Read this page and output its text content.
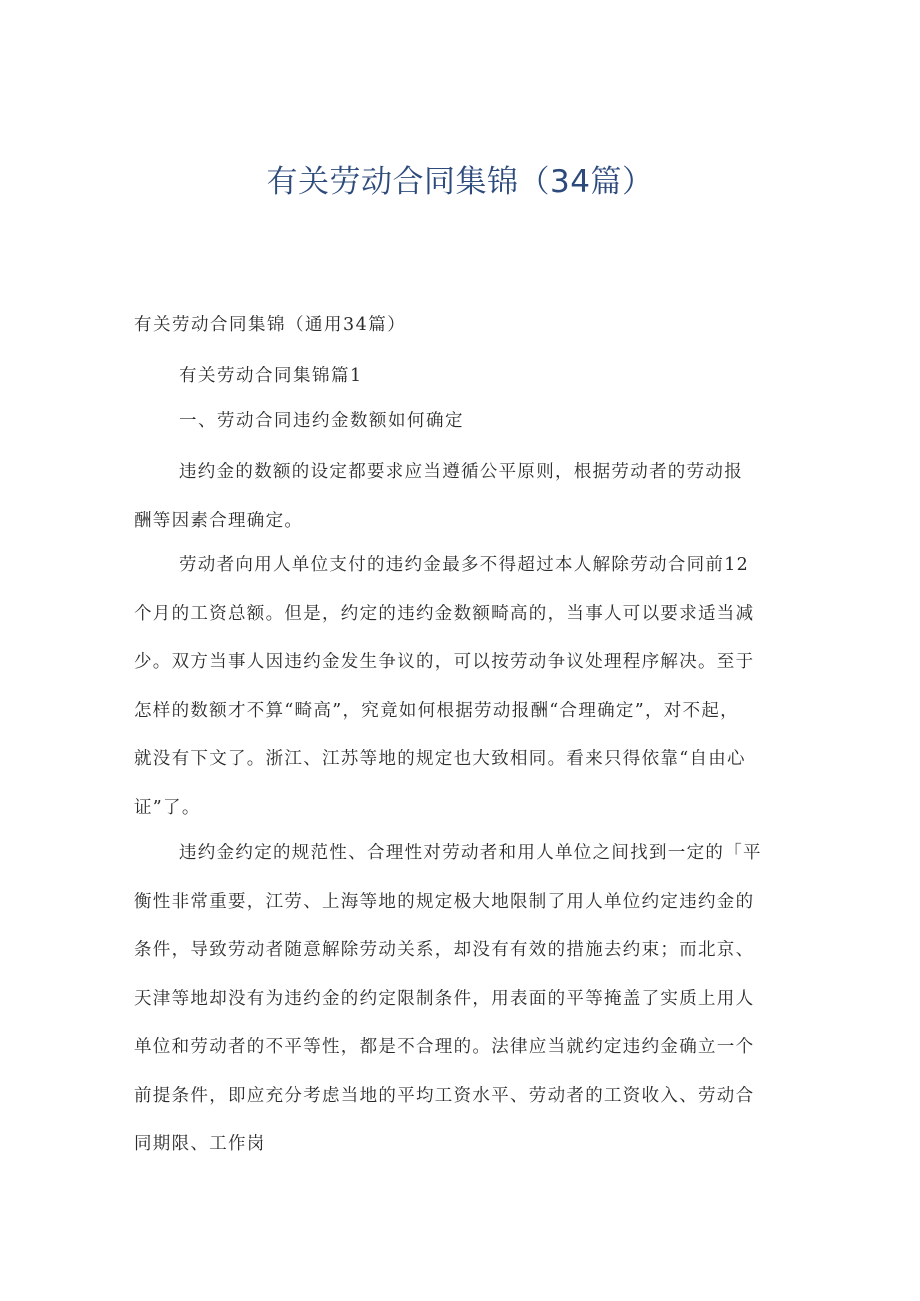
有关劳动合同集锦（34篇）

有关劳动合同集锦（通用34篇）

有关劳动合同集锦篇1

一、劳动合同违约金数额如何确定

违约金的数额的设定都要求应当遵循公平原则，根据劳动者的劳动报
酬等因素合理确定。
劳动者向用人单位支付的违约金最多不得超过本人解除劳动合同前12
个月的工资总额。但是，约定的违约金数额畸高的，当事人可以要求适当减
少。双方当事人因违约金发生争议的，可以按劳动争议处理程序解决。至于
怎样的数额才不算“畸高”，究竟如何根据劳动报酬“合理确定”，对不起，
就没有下文了。浙江、江苏等地的规定也大致相同。看来只得依靠“自由心
证”了。
违约金约定的规范性、合理性对劳动者和用人单位之间找到一定的「平
衡性非常重要，江劳、上海等地的规定极大地限制了用人单位约定违约金的
条件，导致劳动者随意解除劳动关系，却没有有效的措施去约束；而北京、
天津等地却没有为违约金的约定限制条件，用表面的平等掩盖了实质上用人
单位和劳动者的不平等性，都是不合理的。法律应当就约定违约金确立一个
前提条件，即应充分考虑当地的平均工资水平、劳动者的工资收入、劳动合
同期限、工作岗
